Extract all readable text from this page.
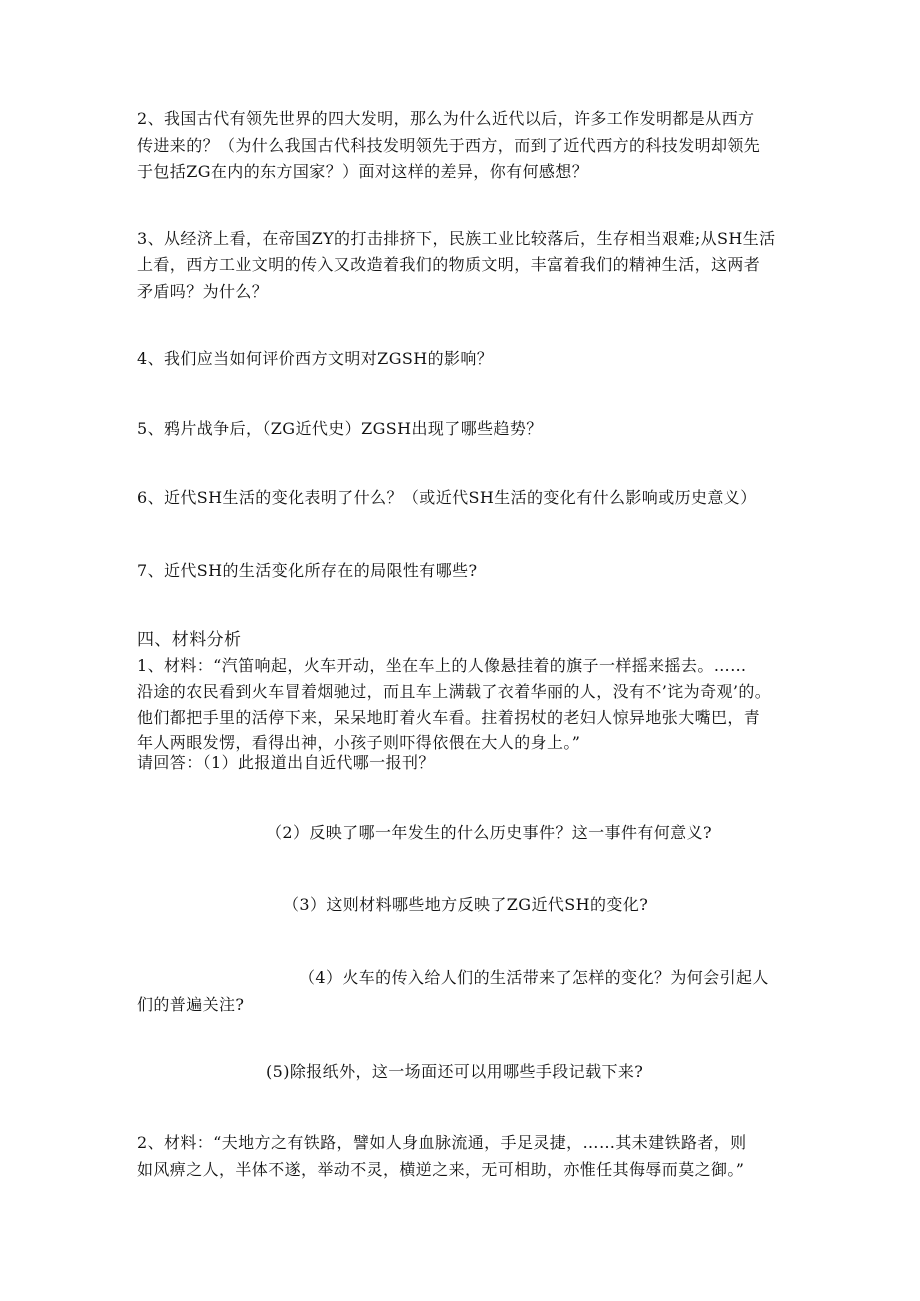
2、我国古代有领先世界的四大发明，那么为什么近代以后，许多工作发明都是从西方
传进来的？（为什么我国古代科技发明领先于西方，而到了近代西方的科技发明却领先
于包括ZG在内的东方国家？）面对这样的差异，你有何感想？
3、从经济上看，在帝国ZY的打击排挤下，民族工业比较落后，生存相当艰难;从SH生活
上看，西方工业文明的传入又改造着我们的物质文明，丰富着我们的精神生活，这两者
矛盾吗？为什么？
4、我们应当如何评价西方文明对ZGSH的影响？
5、鸦片战争后，（ZG近代史）ZGSH出现了哪些趋势？
6、近代SH生活的变化表明了什么？（或近代SH生活的变化有什么影响或历史意义）
7、近代SH的生活变化所存在的局限性有哪些?
四、材料分析
1、材料：“汽笛响起，火车开动，坐在车上的人像悬挂着的旗子一样摇来摇去。……
沿途的农民看到火车冒着烟驰过，而且车上满载了衣着华丽的人，没有不’诧为奇观’的。
他们都把手里的活停下来，呆呆地盯着火车看。拄着拐杖的老妇人惊异地张大嘴巴，青
年人两眼发愣，看得出神，小孩子则吓得依偎在大人的身上。”
请回答：（1）此报道出自近代哪一报刊？
（2）反映了哪一年发生的什么历史事件？这一事件有何意义?
（3）这则材料哪些地方反映了ZG近代SH的变化?
（4）火车的传入给人们的生活带来了怎样的变化？为何会引起人
们的普遍关注?
(5)除报纸外，这一场面还可以用哪些手段记载下来?
2、材料：“夫地方之有铁路，譬如人身血脉流通，手足灵捷，……其未建铁路者，则
如风痹之人，半体不遂，举动不灵，横逆之来，无可相助，亦惟任其侮辱而莫之御。”
